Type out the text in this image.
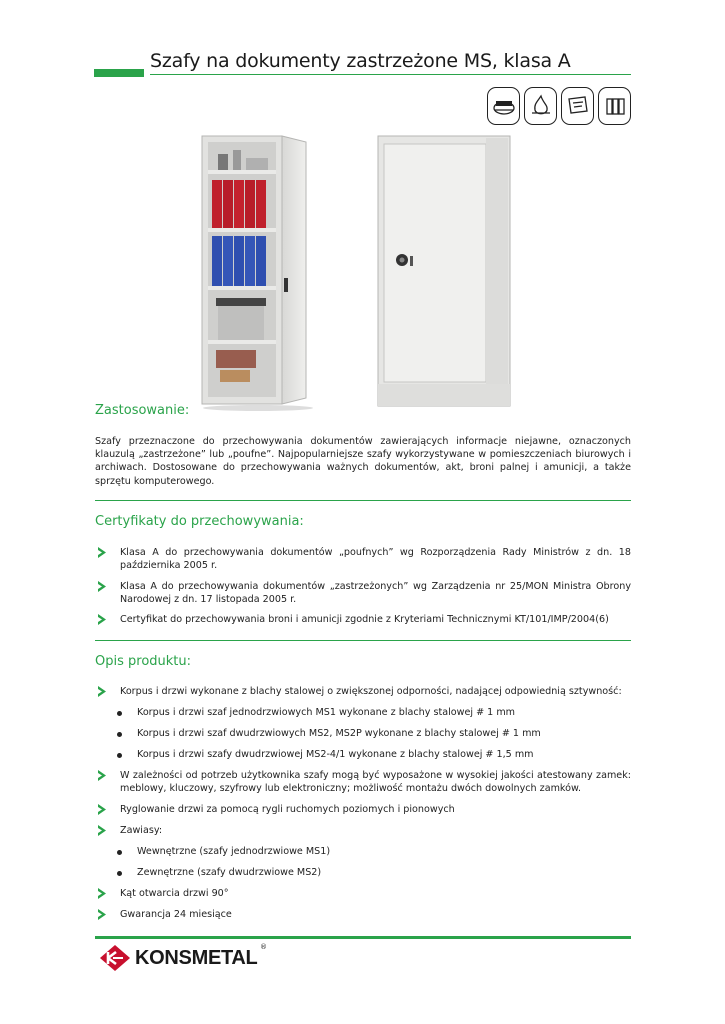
Szafy na dokumenty zastrzeżone MS, klasa A
Zastosowanie:
Szafy przeznaczone do przechowywania dokumentów zawierających informacje niejawne, oznaczonych klauzulą „zastrzeżone” lub „poufne”. Najpopularniejsze szafy wykorzystywane w pomieszczeniach biurowych i archiwach. Dostosowane do przechowywania ważnych dokumentów, akt, broni palnej i amunicji, a także sprzętu komputerowego.
Certyfikaty do przechowywania:
Klasa A do przechowywania dokumentów „poufnych” wg Rozporządzenia Rady Ministrów z dn. 18 października 2005 r.
Klasa A do przechowywania dokumentów „zastrzeżonych” wg Zarządzenia nr 25/MON Ministra Obrony Narodowej z dn. 17 listopada 2005 r.
Certyfikat do przechowywania broni i amunicji zgodnie z Kryteriami Technicznymi KT/101/IMP/2004(6)
Opis produktu:
Korpus i drzwi wykonane z blachy stalowej o zwiększonej odporności, nadającej odpowiednią sztywność:
Korpus i drzwi szaf jednodrzwiowych MS1 wykonane z blachy stalowej # 1 mm
Korpus i drzwi szaf dwudrzwiowych MS2, MS2P wykonane z blachy stalowej # 1 mm
Korpus i drzwi szafy dwudrzwiowej MS2-4/1 wykonane z blachy stalowej # 1,5 mm
W zależności od potrzeb użytkownika szafy mogą być wyposażone w wysokiej jakości atestowany zamek: meblowy, kluczowy, szyfrowy lub elektroniczny; możliwość montażu dwóch dowolnych zamków.
Ryglowanie drzwi za pomocą rygli ruchomych poziomych i pionowych
Zawiasy:
Wewnętrzne (szafy jednodrzwiowe MS1)
Zewnętrzne (szafy dwudrzwiowe MS2)
Kąt otwarcia drzwi 90°
Gwarancja 24 miesiące
KONSMETAL ®
